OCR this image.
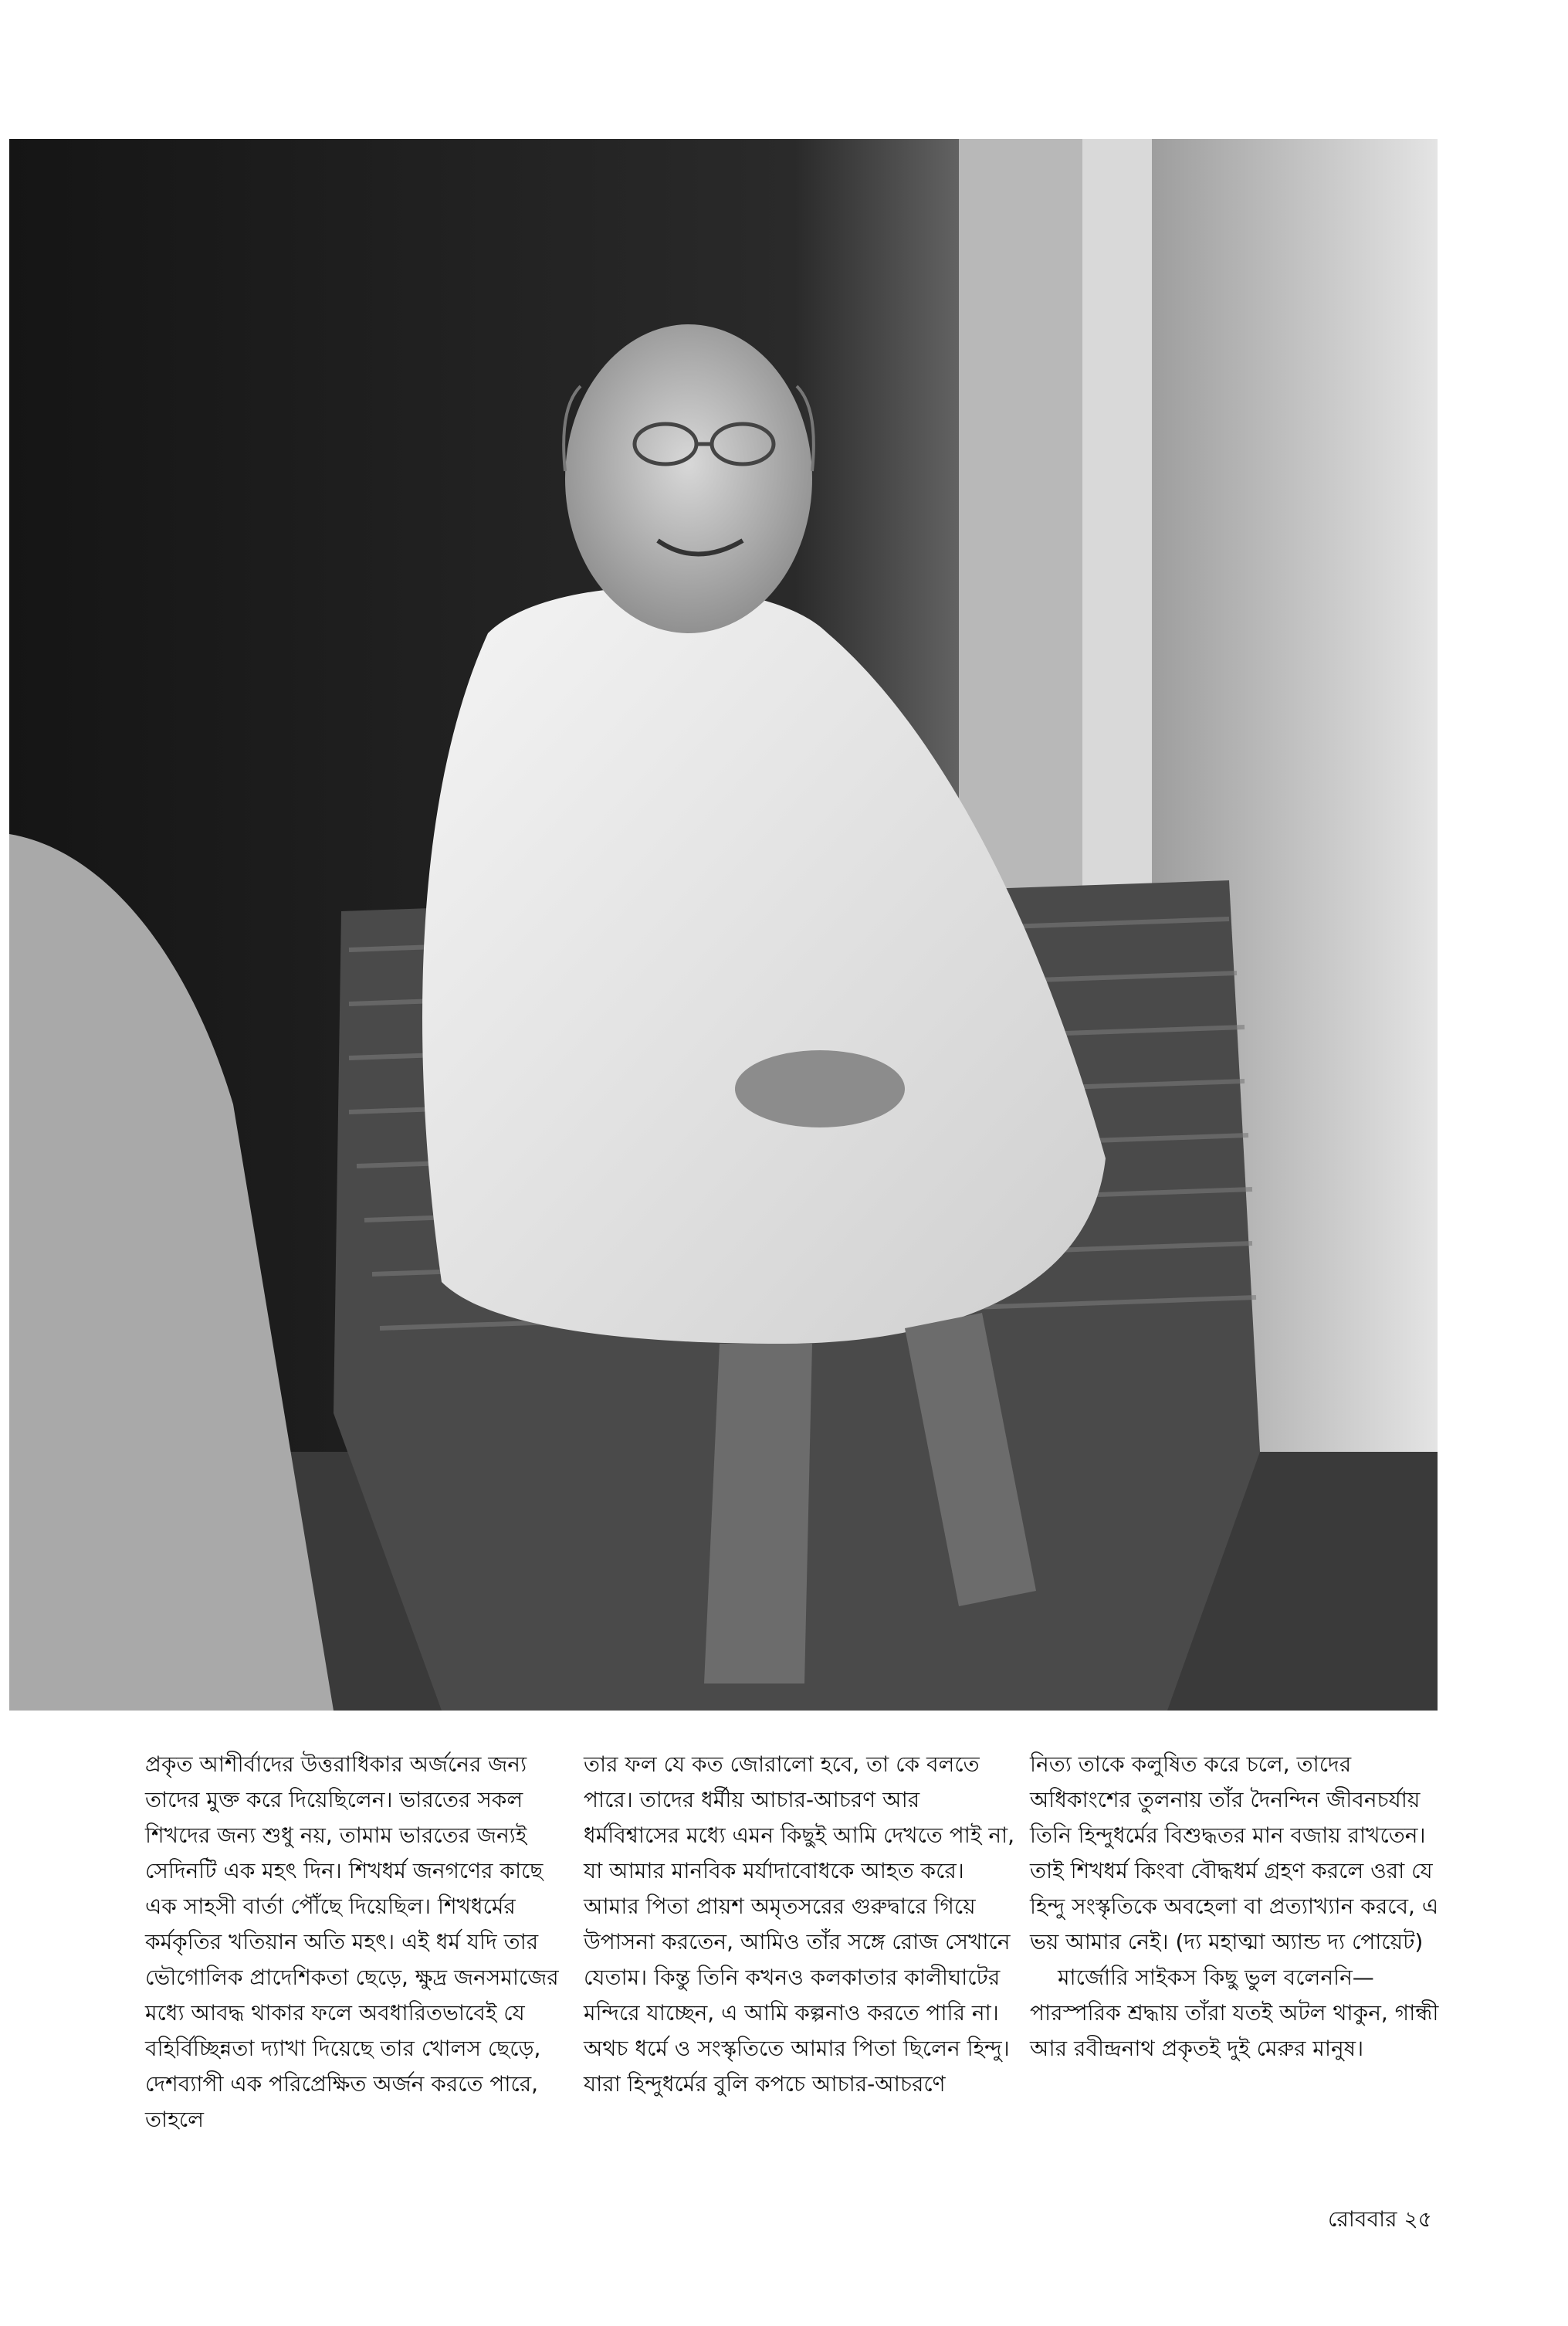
প্রকৃত আশীর্বাদের উত্তরাধিকার অর্জনের জন্য তাদের মুক্ত করে দিয়েছিলেন। ভারতের সকল শিখদের জন্য শুধু নয়, তামাম ভারতের জন্যই সেদিনটি এক মহৎ দিন। শিখধর্ম জনগণের কাছে এক সাহসী বার্তা পৌঁছে দিয়েছিল। শিখধর্মের কর্মকৃতির খতিয়ান অতি মহৎ। এই ধর্ম যদি তার ভৌগোলিক প্রাদেশিকতা ছেড়ে, ক্ষুদ্র জনসমাজের মধ্যে আবদ্ধ থাকার ফলে অবধারিতভাবেই যে বহির্বিচ্ছিন্নতা দ্যাখা দিয়েছে তার খোলস ছেড়ে, দেশব্যাপী এক পরিপ্রেক্ষিত অর্জন করতে পারে, তাহলে

তার ফল যে কত জোরালো হবে, তা কে বলতে পারে। তাদের ধর্মীয় আচার-আচরণ আর ধর্মবিশ্বাসের মধ্যে এমন কিছুই আমি দেখতে পাই না, যা আমার মানবিক মর্যাদাবোধকে আহত করে। আমার পিতা প্রায়শ অমৃতসরের গুরুদ্বারে গিয়ে উপাসনা করতেন, আমিও তাঁর সঙ্গে রোজ সেখানে যেতাম। কিন্তু তিনি কখনও কলকাতার কালীঘাটের মন্দিরে যাচ্ছেন, এ আমি কল্পনাও করতে পারি না। অথচ ধর্মে ও সংস্কৃতিতে আমার পিতা ছিলেন হিন্দু। যারা হিন্দুধর্মের বুলি কপচে আচার-আচরণে

নিত্য তাকে কলুষিত করে চলে, তাদের অধিকাংশের তুলনায় তাঁর দৈনন্দিন জীবনচর্যায় তিনি হিন্দুধর্মের বিশুদ্ধতর মান বজায় রাখতেন। তাই শিখধর্ম কিংবা বৌদ্ধধর্ম গ্রহণ করলে ওরা যে হিন্দু সংস্কৃতিকে অবহেলা বা প্রত্যাখ্যান করবে, এ ভয় আমার নেই। (দ্য মহাত্মা অ্যান্ড দ্য পোয়েট)

মার্জোরি সাইকস কিছু ভুল বলেননি— পারস্পরিক শ্রদ্ধায় তাঁরা যতই অটল থাকুন, গান্ধী আর রবীন্দ্রনাথ প্রকৃতই দুই মেরুর মানুষ।

রোববার ২৫
